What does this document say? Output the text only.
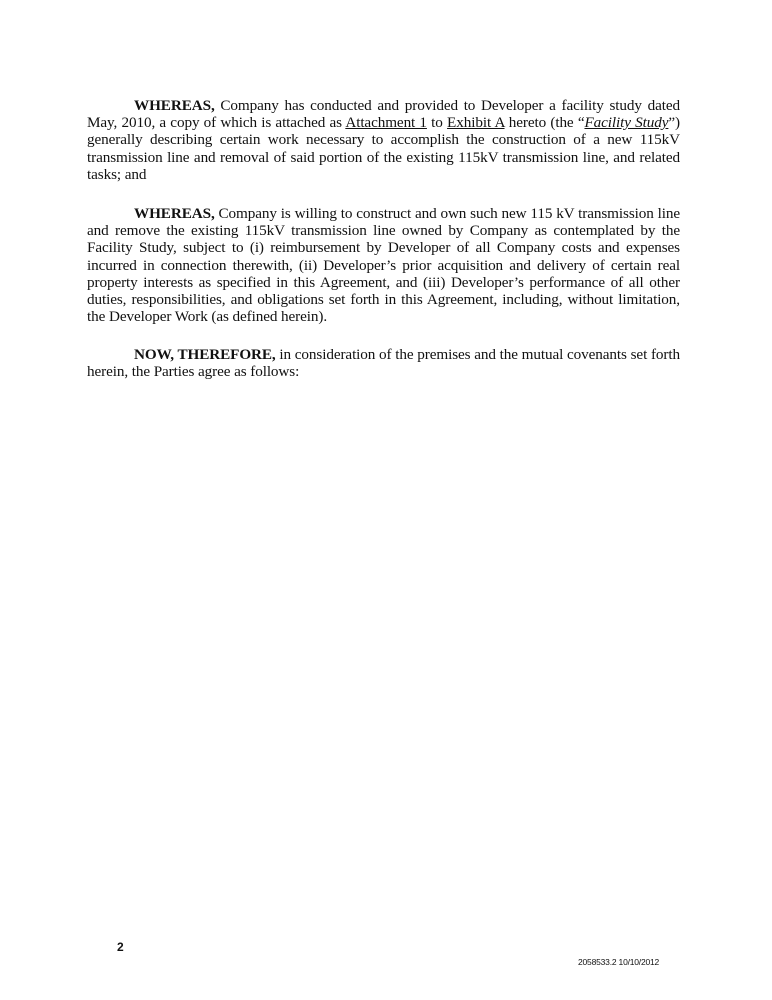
WHEREAS, Company has conducted and provided to Developer a facility study dated May, 2010, a copy of which is attached as Attachment 1 to Exhibit A hereto (the “Facility Study”) generally describing certain work necessary to accomplish the construction of a new 115kV transmission line and removal of said portion of the existing 115kV transmission line, and related tasks; and

WHEREAS, Company is willing to construct and own such new 115 kV transmission line and remove the existing 115kV transmission line owned by Company as contemplated by the Facility Study, subject to (i) reimbursement by Developer of all Company costs and expenses incurred in connection therewith, (ii) Developer’s prior acquisition and delivery of certain real property interests as specified in this Agreement, and (iii) Developer’s performance of all other duties, responsibilities, and obligations set forth in this Agreement, including, without limitation, the Developer Work (as defined herein).

NOW, THEREFORE, in consideration of the premises and the mutual covenants set forth herein, the Parties agree as follows:

2
2058533.2 10/10/2012
